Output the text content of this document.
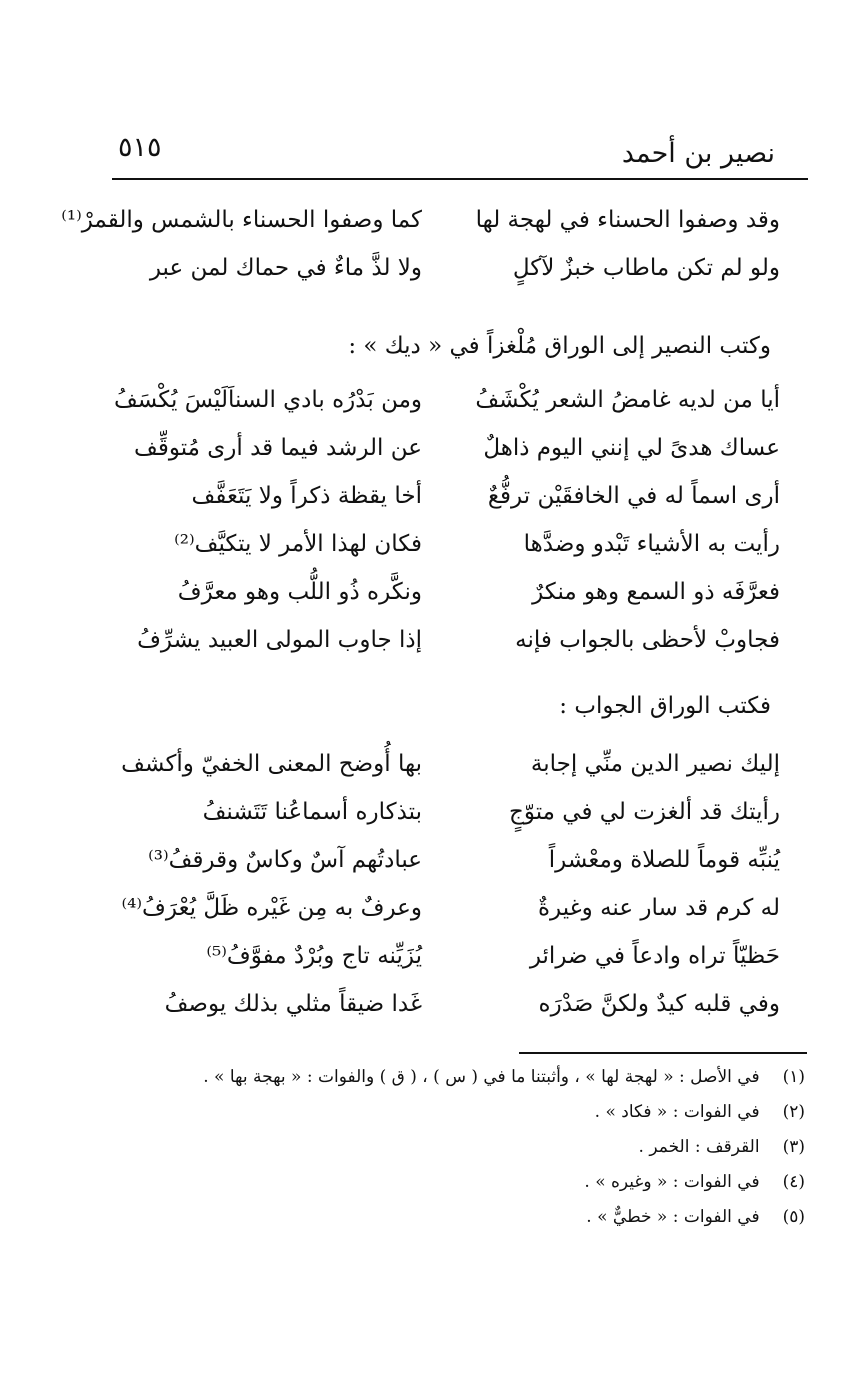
نصير بن أحمد
٥١٥
وقد وصفوا الحسناء في لهجة لها
كما وصفوا الحسناء بالشمس والقمرْ⁽¹⁾
ولو لم تكن ماطاب خبزٌ لآكلٍ
ولا لذَّ ماءٌ في حماك لمن عبر
وكتب النصير إلى الوراق مُلْغزاً في « ديك » :
أيا من لديه غامضُ الشعر يُكْشَفُ
ومن بَدْرُه بادي السناَلَيْسَ يُكْسَفُ
عساك هدىً لي إنني اليوم ذاهلٌ
عن الرشد فيما قد أرى مُتوقِّف
أرى اسماً له في الخافقَيْن ترفُّعٌ
أخا يقظة ذكراً ولا يَتَعَفَّف
رأيت به الأشياء تَبْدو وضدَّها
فكان لهذا الأمر لا يتكيَّف⁽²⁾
فعرَّفَه ذو السمع وهو منكرٌ
ونكَّره ذُو اللُّب وهو معرَّفُ
فجاوبْ لأحظى بالجواب فإنه
إذا جاوب المولى العبيد يشرِّفُ
فكتب الوراق الجواب :
إليك نصير الدين منِّي إجابة
بها أُوضح المعنى الخفيّ وأكشف
رأيتك قد ألغزت لي في متوّجٍ
بتذكاره أسماعُنا تَتَشنفُ
يُنبِّه قوماً للصلاة ومعْشراً
عبادتُهم آسٌ وكاسٌ وقرقفُ⁽³⁾
له كرم قد سار عنه وغيرةٌ
وعرفٌ به مِن غَيْره ظَلَّ يُعْرَفُ⁽⁴⁾
حَظيّاً تراه وادعاً في ضرائر
يُزَيِّنه تاج وبُرْدٌ مفوَّفُ⁽⁵⁾
وفي قلبه كيدٌ ولكنَّ صَدْرَه
غَدا ضيقاً مثلي بذلك يوصفُ
(١) في الأصل : « لهجة لها » ، وأثبتنا ما في ( س ) ، ( ق ) والفوات : « بهجة بها » .
(٢) في الفوات : « فكاد » .
(٣) القرقف : الخمر .
(٤) في الفوات : « وغيره » .
(٥) في الفوات : « خطيٌّ » .
